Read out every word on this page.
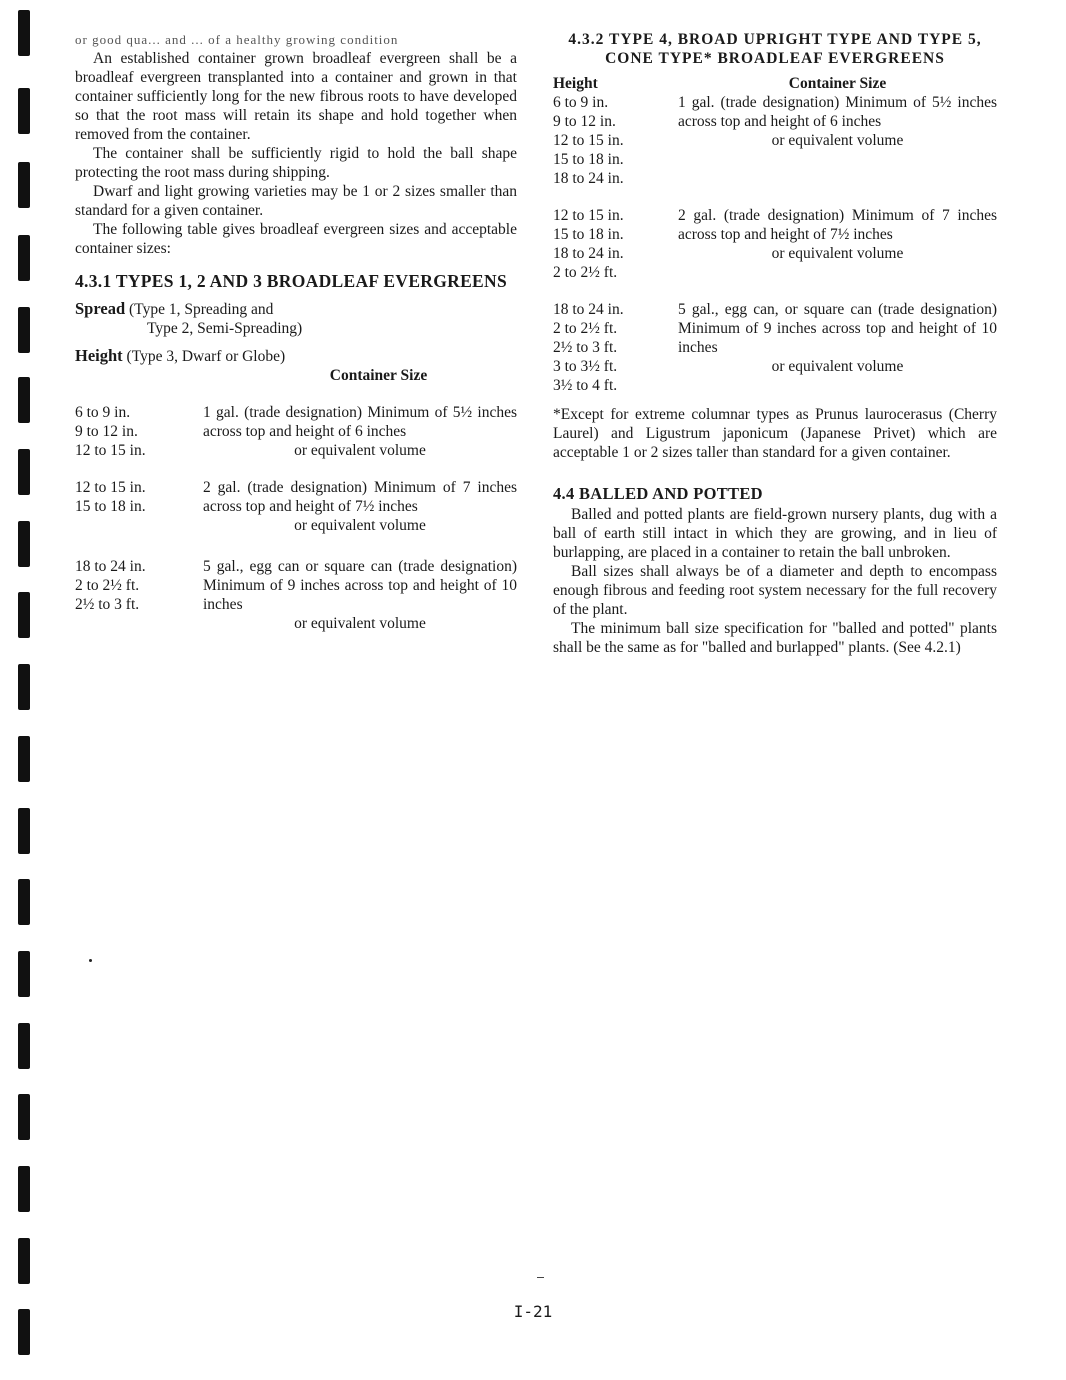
or good qua... and ... of a healthy growing condition

An established container grown broadleaf evergreen shall be a broadleaf evergreen transplanted into a container and grown in that container sufficiently long for the new fibrous roots to have developed so that the root mass will retain its shape and hold together when removed from the container.

The container shall be sufficiently rigid to hold the ball shape protecting the root mass during shipping.

Dwarf and light growing varieties may be 1 or 2 sizes smaller than standard for a given container.

The following table gives broadleaf evergreen sizes and acceptable container sizes:

4.3.1 TYPES 1, 2 AND 3 BROADLEAF EVERGREENS

Spread (Type 1, Spreading and

Type 2, Semi-Spreading)

Height (Type 3, Dwarf or Globe)

Container Size
6 to 9 in.
9 to 12 in.
12 to 15 in.

1 gal. (trade designation) Minimum of 5½ inches across top and height of 6 inches

or equivalent volume

12 to 15 in.
15 to 18 in.

2 gal. (trade designation) Minimum of 7 inches across top and height of 7½ inches

or equivalent volume

18 to 24 in.
2 to 2½ ft.
2½ to 3 ft.

5 gal., egg can or square can (trade designation) Minimum of 9 inches across top and height of 10 inches

or equivalent volume

4.3.2 TYPE 4, BROAD UPRIGHT TYPE AND TYPE 5,
CONE TYPE* BROADLEAF EVERGREENS
Height	Container Size
6 to 9 in.
9 to 12 in.
12 to 15 in.
15 to 18 in.
18 to 24 in.

1 gal. (trade designation) Minimum of 5½ inches across top and height of 6 inches

or equivalent volume

12 to 15 in.
15 to 18 in.
18 to 24 in.
2 to 2½ ft.

2 gal. (trade designation) Minimum of 7 inches across top and height of 7½ inches

or equivalent volume

18 to 24 in.
2 to 2½ ft.
2½ to 3 ft.
3 to 3½ ft.
3½ to 4 ft.

5 gal., egg can, or square can (trade designation) Minimum of 9 inches across top and height of 10 inches

or equivalent volume

*Except for extreme columnar types as Prunus laurocerasus (Cherry Laurel) and Ligustrum japonicum (Japanese Privet) which are acceptable 1 or 2 sizes taller than standard for a given container.

4.4 BALLED AND POTTED

Balled and potted plants are field-grown nursery plants, dug with a ball of earth still intact in which they are growing, and in lieu of burlapping, are placed in a container to retain the ball unbroken.

Ball sizes shall always be of a diameter and depth to encompass enough fibrous and feeding root system necessary for the full recovery of the plant.

The minimum ball size specification for "balled and potted" plants shall be the same as for "balled and burlapped" plants. (See 4.2.1)

I-21
